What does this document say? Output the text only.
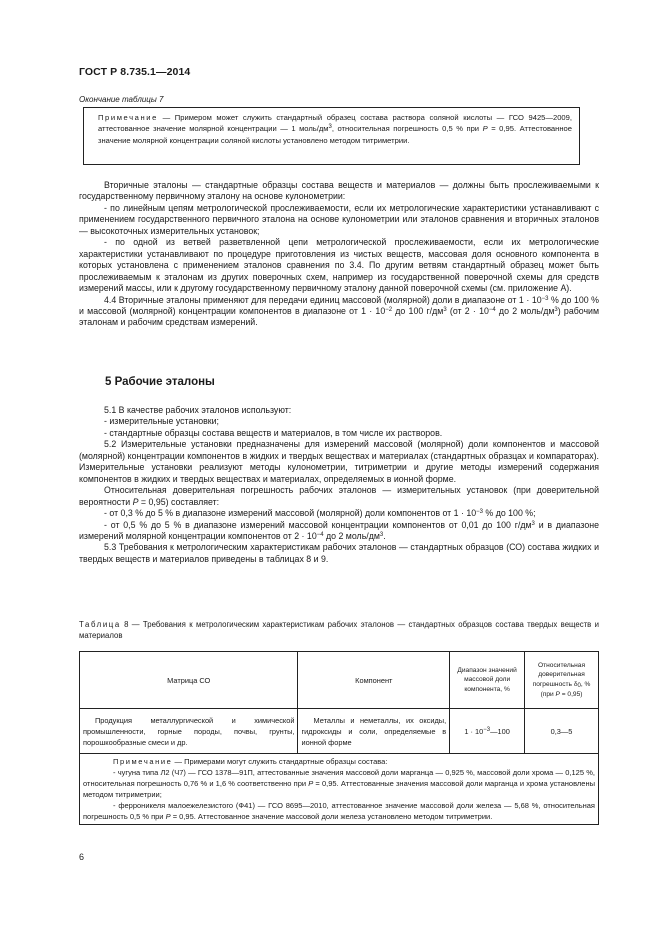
ГОСТ Р 8.735.1—2014
Окончание таблицы 7
Примечание — Примером может служить стандартный образец состава раствора соляной кислоты — ГСО 9425—2009, аттестованное значение молярной концентрации — 1 моль/$дм^3$, относительная погрешность 0,5 % при P = 0,95. Аттестованное значение молярной концентрации соляной кислоты установлено методом титриметрии.

Вторичные эталоны — стандартные образцы состава веществ и материалов — должны быть прослеживаемыми к государственному первичному эталону на основе кулонометрии:

- по линейным цепям метрологической прослеживаемости, если их метрологические характеристики устанавливают с применением государственного первичного эталона на основе кулонометрии или эталонов сравнения и вторичных эталонов — высокоточных измерительных установок;

- по одной из ветвей разветвленной цепи метрологической прослеживаемости, если их метрологические характеристики устанавливают по процедуре приготовления из чистых веществ, массовая доля основного компонента в которых установлена с применением эталонов сравнения по 3.4. По другим ветвям стандартный образец может быть прослеживаемым к эталонам из других поверочных схем, например из государственной поверочной схемы для средств измерений массы, или к другому государственному первичному эталону данной поверочной схемы (см. приложение А).

4.4 Вторичные эталоны применяют для передачи единиц массовой (молярной) доли в диапазоне от $1 \cdot 10^{-3}$ % до 100 % и массовой (молярной) концентрации компонентов в диапазоне от $1 \cdot 10^{-2}$ до 100 $г/дм^3$ (от $2 \cdot 10^{-4}$ до 2 моль/$дм^3$) рабочим эталонам и рабочим средствам измерений.

5 Рабочие эталоны

5.1 В качестве рабочих эталонов используют:

- измерительные установки;

- стандартные образцы состава веществ и материалов, в том числе их растворов.

5.2 Измерительные установки предназначены для измерений массовой (молярной) доли компонентов и массовой (молярной) концентрации компонентов в жидких и твердых веществах и материалах (стандартных образцах и компараторах). Измерительные установки реализуют методы кулонометрии, титриметрии и другие методы измерений содержания компонентов в жидких и твердых веществах и материалах, определяемых в ионной форме.

Относительная доверительная погрешность рабочих эталонов — измерительных установок (при доверительной вероятности P = 0,95) составляет:

- от 0,3 % до 5 % в диапазоне измерений массовой (молярной) доли компонентов от $1 \cdot 10^{-3}$ % до 100 %;

- от 0,5 % до 5 % в диапазоне измерений массовой концентрации компонентов от 0,01 до 100 $г/дм^3$ и в диапазоне измерений молярной концентрации компонентов от $2 \cdot 10^{-4}$ до 2 моль/$дм^3$.

5.3 Требования к метрологическим характеристикам рабочих эталонов — стандартных образцов (СО) состава жидких и твердых веществ и материалов приведены в таблицах 8 и 9.

Таблица 8 — Требования к метрологическим характеристикам рабочих эталонов — стандартных образцов состава твердых веществ и материалов
Матрица СО	Компонент	Диапазон значений массовой доли компонента, %	Относительная доверительная погрешность $\delta_0$, %
(при P = 0,95)
Продукция металлургической и химической промышленности, горные породы, почвы, грунты, порошкообразные смеси и др.	Металлы и неметаллы, их оксиды, гидроксиды и соли, определяемые в ионной форме	$1 \cdot 10^{-3}—100$	0,3—5

Примечание — Примерами могут служить стандартные образцы состава:
- чугуна типа Л2 (Ч7) — ГСО 1378—91П, аттестованные значения массовой доли марганца — 0,925 %, массовой доли хрома — 0,125 %, относительная погрешность 0,76 % и 1,6 % соответственно при P = 0,95. Аттестованные значения массовой доли марганца и хрома установлены методом титриметрии;
- ферроникеля малоежелезистого (Ф41) — ГСО 8695—2010, аттестованное значение массовой доли железа — 5,68 %, относительная погрешность 0,5 % при P = 0,95. Аттестованное значение массовой доли железа установлено методом титриметрии.			
6
